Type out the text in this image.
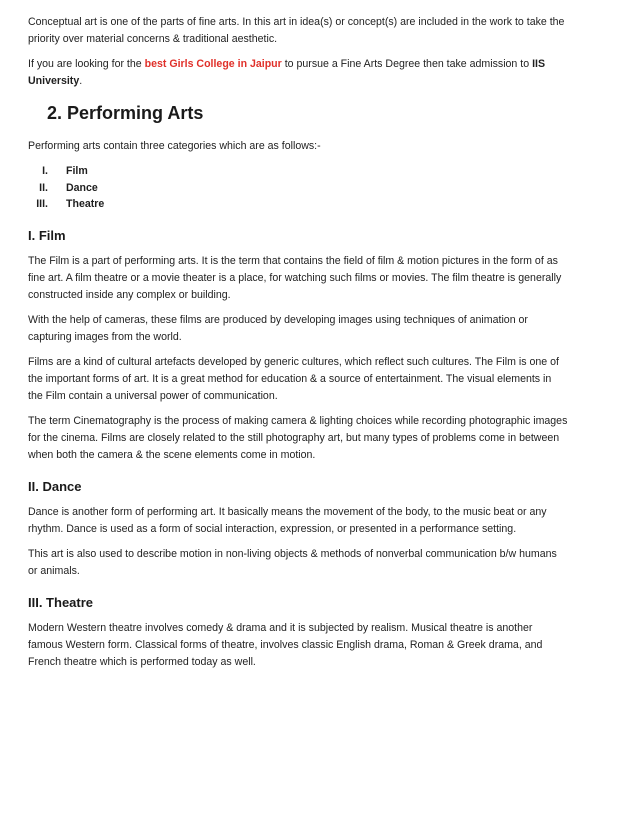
Conceptual art is one of the parts of fine arts. In this art in idea(s) or concept(s) are included in the work to take the priority over material concerns & traditional aesthetic.

If you are looking for the best Girls College in Jaipur to pursue a Fine Arts Degree then take admission to IIS University.

2. Performing Arts

Performing arts contain three categories which are as follows:-

I. Film
II. Dance
III. Theatre
I. Film

The Film is a part of performing arts. It is the term that contains the field of film & motion pictures in the form of as fine art. A film theatre or a movie theater is a place, for watching such films or movies. The film theatre is generally constructed inside any complex or building.

With the help of cameras, these films are produced by developing images using techniques of animation or capturing images from the world.

Films are a kind of cultural artefacts developed by generic cultures, which reflect such cultures. The Film is one of the important forms of art. It is a great method for education & a source of entertainment. The visual elements in the Film contain a universal power of communication.

The term Cinematography is the process of making camera & lighting choices while recording photographic images for the cinema. Films are closely related to the still photography art, but many types of problems come in between when both the camera & the scene elements come in motion.

II. Dance

Dance is another form of performing art. It basically means the movement of the body, to the music beat or any rhythm. Dance is used as a form of social interaction, expression, or presented in a performance setting.

This art is also used to describe motion in non-living objects & methods of nonverbal communication b/w humans or animals.

III. Theatre

Modern Western theatre involves comedy & drama and it is subjected by realism. Musical theatre is another famous Western form. Classical forms of theatre, involves classic English drama, Roman & Greek drama, and French theatre which is performed today as well.
